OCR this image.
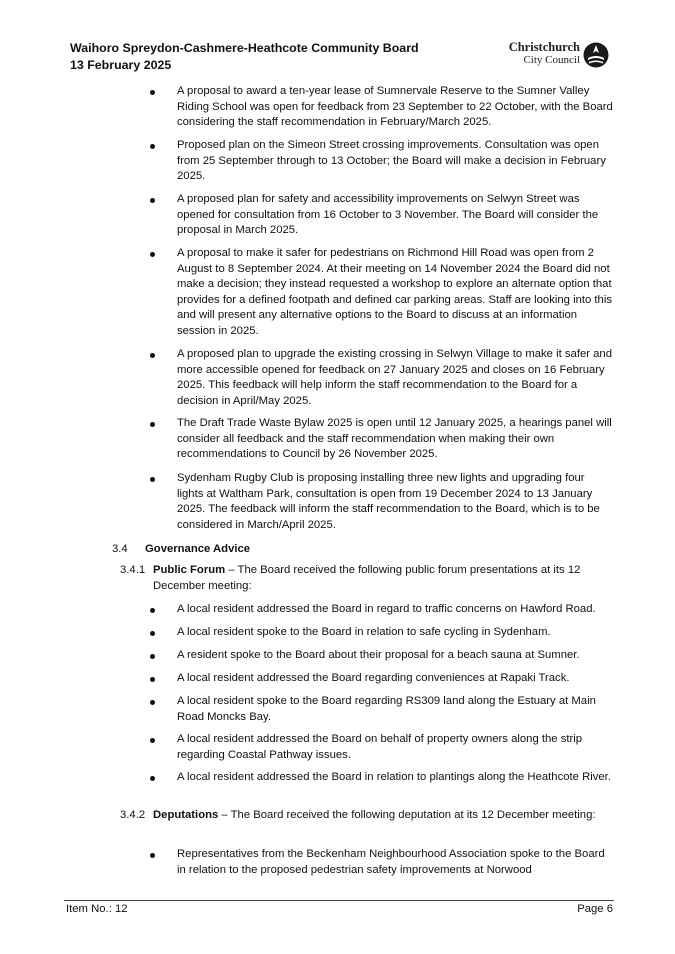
Waihoro Spreydon-Cashmere-Heathcote Community Board
13 February 2025
Christchurch
City Council
A proposal to award a ten-year lease of Sumnervale Reserve to the Sumner Valley Riding School was open for feedback from 23 September to 22 October, with the Board considering the staff recommendation in February/March 2025.
Proposed plan on the Simeon Street crossing improvements. Consultation was open from 25 September through to 13 October; the Board will make a decision in February 2025.
A proposed plan for safety and accessibility improvements on Selwyn Street was opened for consultation from 16 October to 3 November. The Board will consider the proposal in March 2025.
A proposal to make it safer for pedestrians on Richmond Hill Road was open from 2 August to 8 September 2024. At their meeting on 14 November 2024 the Board did not make a decision; they instead requested a workshop to explore an alternate option that provides for a defined footpath and defined car parking areas. Staff are looking into this and will present any alternative options to the Board to discuss at an information session in 2025.
A proposed plan to upgrade the existing crossing in Selwyn Village to make it safer and more accessible opened for feedback on 27 January 2025 and closes on 16 February 2025. This feedback will help inform the staff recommendation to the Board for a decision in April/May 2025.
The Draft Trade Waste Bylaw 2025 is open until 12 January 2025, a hearings panel will consider all feedback and the staff recommendation when making their own recommendations to Council by 26 November 2025.
Sydenham Rugby Club is proposing installing three new lights and upgrading four lights at Waltham Park, consultation is open from 19 December 2024 to 13 January 2025. The feedback will inform the staff recommendation to the Board, which is to be considered in March/April 2025.
3.4	Governance Advice
3.4.1 Public Forum – The Board received the following public forum presentations at its 12 December meeting:
A local resident addressed the Board in regard to traffic concerns on Hawford Road.
A local resident spoke to the Board in relation to safe cycling in Sydenham.
A resident spoke to the Board about their proposal for a beach sauna at Sumner.
A local resident addressed the Board regarding conveniences at Rapaki Track.
A local resident spoke to the Board regarding RS309 land along the Estuary at Main Road Moncks Bay.
A local resident addressed the Board on behalf of property owners along the strip regarding Coastal Pathway issues.
A local resident addressed the Board in relation to plantings along the Heathcote River.
3.4.2 Deputations – The Board received the following deputation at its 12 December meeting:
Representatives from the Beckenham Neighbourhood Association spoke to the Board in relation to the proposed pedestrian safety improvements at Norwood
Item No.: 12	Page 6
